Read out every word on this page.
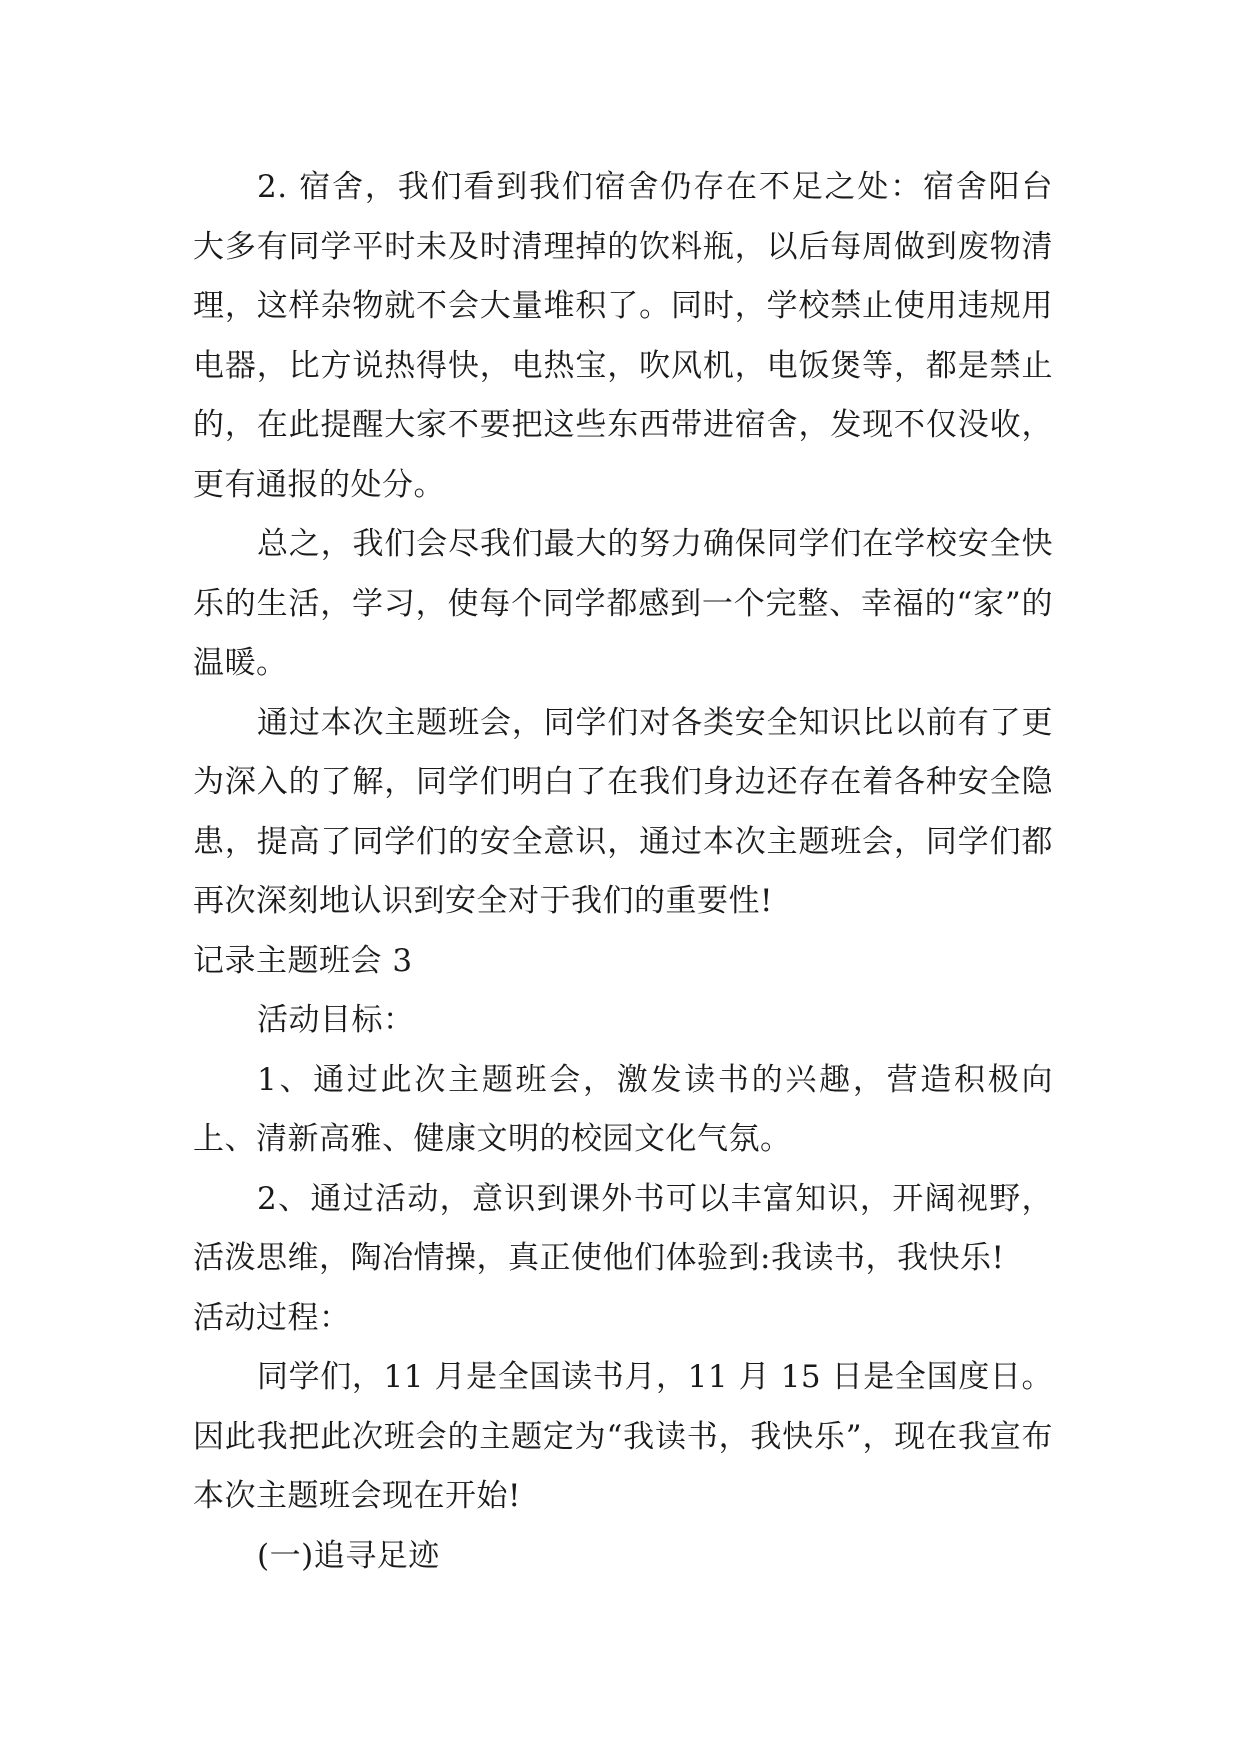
2. 宿舍，我们看到我们宿舍仍存在不足之处：宿舍阳台大多有同学平时未及时清理掉的饮料瓶，以后每周做到废物清理，这样杂物就不会大量堆积了。同时，学校禁止使用违规用电器，比方说热得快，电热宝，吹风机，电饭煲等，都是禁止的，在此提醒大家不要把这些东西带进宿舍，发现不仅没收，更有通报的处分。

总之，我们会尽我们最大的努力确保同学们在学校安全快乐的生活，学习，使每个同学都感到一个完整、幸福的“家”的温暖。

通过本次主题班会，同学们对各类安全知识比以前有了更为深入的了解，同学们明白了在我们身边还存在着各种安全隐患，提高了同学们的安全意识，通过本次主题班会，同学们都再次深刻地认识到安全对于我们的重要性!

记录主题班会 3

活动目标：

1、通过此次主题班会，激发读书的兴趣，营造积极向上、清新高雅、健康文明的校园文化气氛。

2、通过活动，意识到课外书可以丰富知识，开阔视野，活泼思维，陶冶情操，真正使他们体验到:我读书，我快乐!

活动过程：

同学们，11 月是全国读书月，11 月 15 日是全国度日。因此我把此次班会的主题定为“我读书，我快乐”，现在我宣布本次主题班会现在开始!

(一)追寻足迹
